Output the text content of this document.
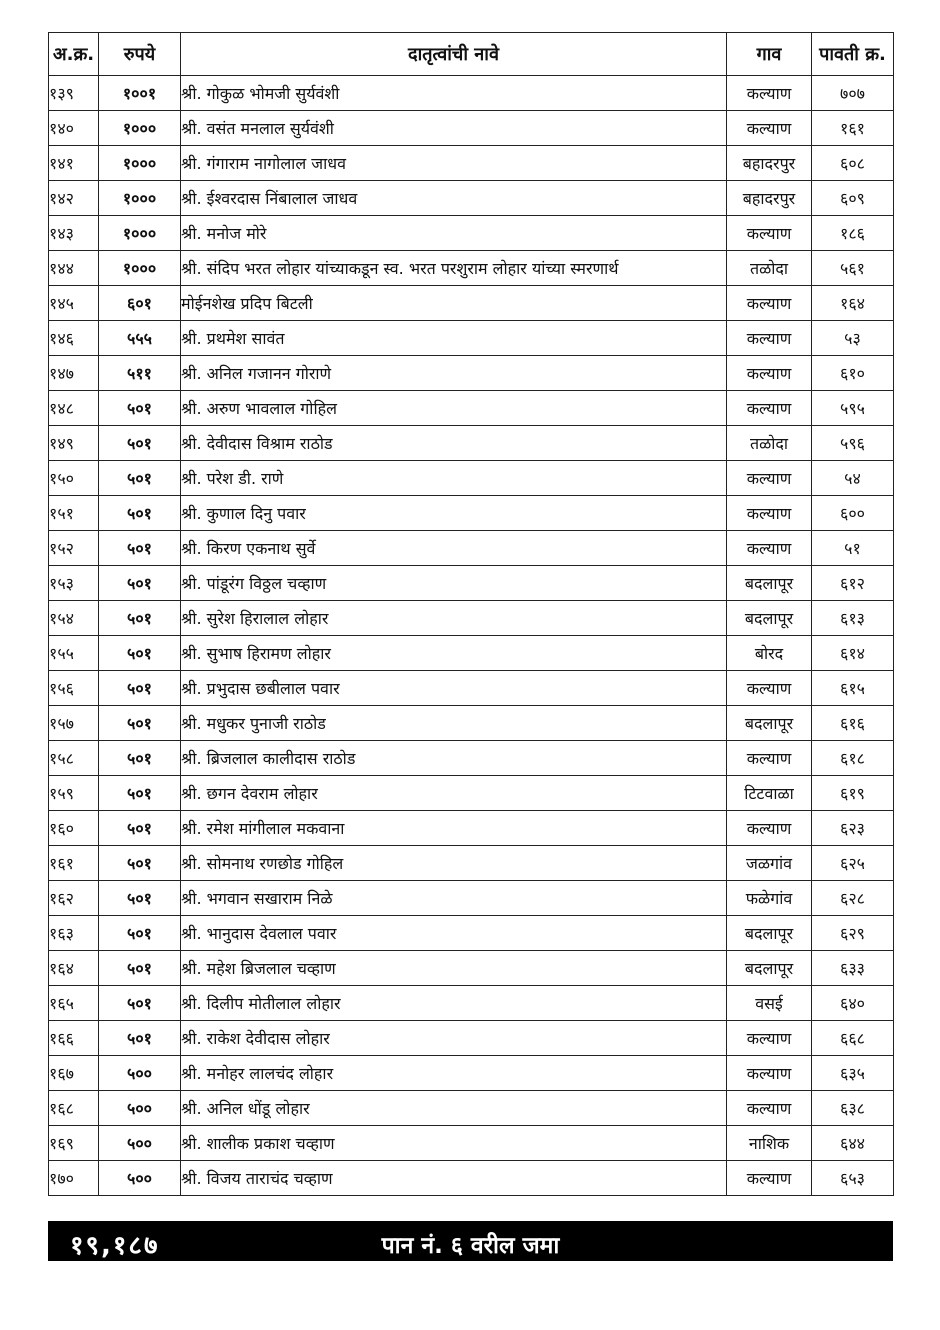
अ.क्र.	रुपये	दातृत्वांची नावे	गाव	पावती क्र.
१३९	१००१	श्री. गोकुळ भोमजी सुर्यवंशी	कल्याण	७०७
१४०	१०००	श्री. वसंत मनलाल सुर्यवंशी	कल्याण	१६१
१४१	१०००	श्री. गंगाराम नागोलाल जाधव	बहादरपुर	६०८
१४२	१०००	श्री. ईश्वरदास निंबालाल जाधव	बहादरपुर	६०९
१४३	१०००	श्री. मनोज मोरे	कल्याण	१८६
१४४	१०००	श्री. संदिप भरत लोहार यांच्याकडून स्व. भरत परशुराम लोहार यांच्या स्मरणार्थ	तळोदा	५६१
१४५	६०१	मोईनशेख प्रदिप बिटली	कल्याण	१६४
१४६	५५५	श्री. प्रथमेश सावंत	कल्याण	५३
१४७	५११	श्री. अनिल गजानन गोराणे	कल्याण	६१०
१४८	५०१	श्री. अरुण भावलाल गोहिल	कल्याण	५९५
१४९	५०१	श्री. देवीदास विश्राम राठोड	तळोदा	५९६
१५०	५०१	श्री. परेश डी. राणे	कल्याण	५४
१५१	५०१	श्री. कुणाल दिनु पवार	कल्याण	६००
१५२	५०१	श्री. किरण एकनाथ सुर्वे	कल्याण	५१
१५३	५०१	श्री. पांडूरंग विठ्ठल चव्हाण	बदलापूर	६१२
१५४	५०१	श्री. सुरेश हिरालाल लोहार	बदलापूर	६१३
१५५	५०१	श्री. सुभाष हिरामण लोहार	बोरद	६१४
१५६	५०१	श्री. प्रभुदास छबीलाल पवार	कल्याण	६१५
१५७	५०१	श्री. मधुकर पुनाजी राठोड	बदलापूर	६१६
१५८	५०१	श्री. ब्रिजलाल कालीदास राठोड	कल्याण	६१८
१५९	५०१	श्री. छगन देवराम लोहार	टिटवाळा	६१९
१६०	५०१	श्री. रमेश मांगीलाल मकवाना	कल्याण	६२३
१६१	५०१	श्री. सोमनाथ रणछोड गोहिल	जळगांव	६२५
१६२	५०१	श्री. भगवान सखाराम निळे	फळेगांव	६२८
१६३	५०१	श्री. भानुदास देवलाल पवार	बदलापूर	६२९
१६४	५०१	श्री. महेश ब्रिजलाल चव्हाण	बदलापूर	६३३
१६५	५०१	श्री. दिलीप मोतीलाल लोहार	वसई	६४०
१६६	५०१	श्री. राकेश देवीदास लोहार	कल्याण	६६८
१६७	५००	श्री. मनोहर लालचंद लोहार	कल्याण	६३५
१६८	५००	श्री. अनिल धोंडू लोहार	कल्याण	६३८
१६९	५००	श्री. शालीक प्रकाश चव्हाण	नाशिक	६४४
१७०	५००	श्री. विजय ताराचंद चव्हाण	कल्याण	६५३
१९,१८७	पान नं. ६ वरील जमा
